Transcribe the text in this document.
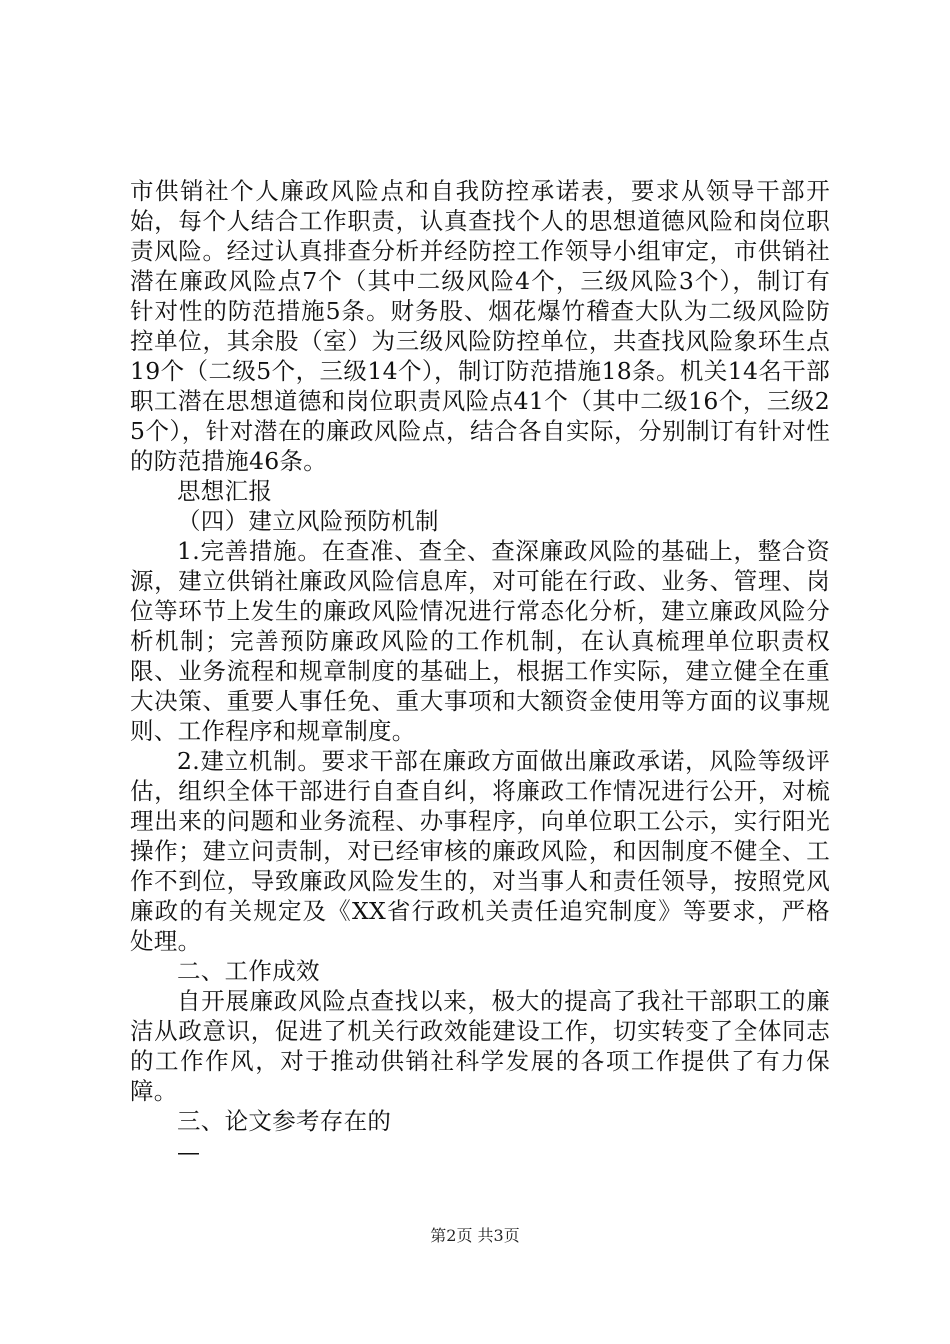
市供销社个人廉政风险点和自我防控承诺表，要求从领导干部开始，每个人结合工作职责，认真查找个人的思想道德风险和岗位职责风险。经过认真排查分析并经防控工作领导小组审定，市供销社潜在廉政风险点7个（其中二级风险4个，三级风险3个），制订有针对性的防范措施5条。财务股、烟花爆竹稽查大队为二级风险防控单位，其余股（室）为三级风险防控单位，共查找风险象环生点19个（二级5个，三级14个），制订防范措施18条。机关14名干部职工潜在思想道德和岗位职责风险点41个（其中二级16个，三级25个），针对潜在的廉政风险点，结合各自实际，分别制订有针对性的防范措施46条。

思想汇报

（四）建立风险预防机制

1.完善措施。在查准、查全、查深廉政风险的基础上，整合资源，建立供销社廉政风险信息库，对可能在行政、业务、管理、岗位等环节上发生的廉政风险情况进行常态化分析，建立廉政风险分析机制；完善预防廉政风险的工作机制，在认真梳理单位职责权限、业务流程和规章制度的基础上，根据工作实际，建立健全在重大决策、重要人事任免、重大事项和大额资金使用等方面的议事规则、工作程序和规章制度。

2.建立机制。要求干部在廉政方面做出廉政承诺，风险等级评估，组织全体干部进行自查自纠，将廉政工作情况进行公开，对梳理出来的问题和业务流程、办事程序，向单位职工公示，实行阳光操作；建立问责制，对已经审核的廉政风险，和因制度不健全、工作不到位，导致廉政风险发生的，对当事人和责任领导，按照党风廉政的有关规定及《XX省行政机关责任追究制度》等要求，严格处理。

二、工作成效

自开展廉政风险点查找以来，极大的提高了我社干部职工的廉洁从政意识，促进了机关行政效能建设工作，切实转变了全体同志的工作作风，对于推动供销社科学发展的各项工作提供了有力保障。

三、论文参考存在的

—
第2页 共3页
